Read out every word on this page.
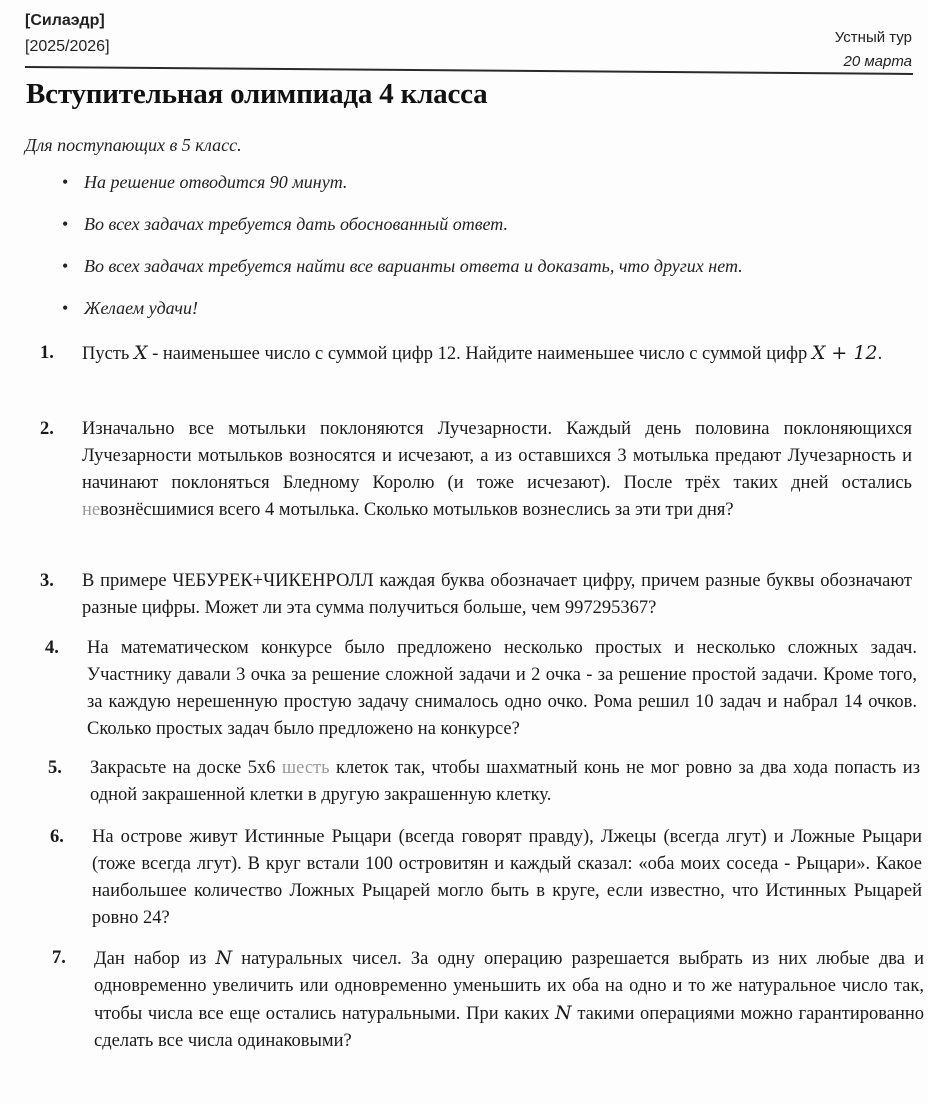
[Силаэдр]
[2025/2026]
Устный тур
20 марта
Вступительная олимпиада 4 класса
Для поступающих в 5 класс.
• На решение отводится 90 минут.
• Во всех задачах требуется дать обоснованный ответ.
• Во всех задачах требуется найти все варианты ответа и доказать, что других нет.
• Желаем удачи!
1. Пусть X - наименьшее число с суммой цифр 12. Найдите наименьшее число с суммой цифр X + 12.
2. Изначально все мотыльки поклоняются Лучезарности. Каждый день половина поклоняющихся Лучезарности мотыльков возносятся и исчезают, а из оставшихся 3 мотылька предают Лучезарность и начинают поклоняться Бледному Королю (и тоже исчезают). После трёх таких дней остались невознёсшимися всего 4 мотылька. Сколько мотыльков вознеслись за эти три дня?
3. В примере ЧЕБУРЕК+ЧИКЕНРОЛЛ каждая буква обозначает цифру, причем разные буквы обозначают разные цифры. Может ли эта сумма получиться больше, чем 997295367?
4. На математическом конкурсе было предложено несколько простых и несколько сложных задач. Участнику давали 3 очка за решение сложной задачи и 2 очка - за решение простой задачи. Кроме того, за каждую нерешенную простую задачу снималось одно очко. Рома решил 10 задач и набрал 14 очков. Сколько простых задач было предложено на конкурсе?
5. Закрасьте на доске 5x6 шесть клеток так, чтобы шахматный конь не мог ровно за два хода попасть из одной закрашенной клетки в другую закрашенную клетку.
6. На острове живут Истинные Рыцари (всегда говорят правду), Лжецы (всегда лгут) и Ложные Рыцари (тоже всегда лгут). В круг встали 100 островитян и каждый сказал: «оба моих соседа - Рыцари». Какое наибольшее количество Ложных Рыцарей могло быть в круге, если известно, что Истинных Рыцарей ровно 24?
7. Дан набор из N натуральных чисел. За одну операцию разрешается выбрать из них любые два и одновременно увеличить или одновременно уменьшить их оба на одно и то же натуральное число так, чтобы числа все еще остались натуральными. При каких N такими операциями можно гарантированно сделать все числа одинаковыми?
